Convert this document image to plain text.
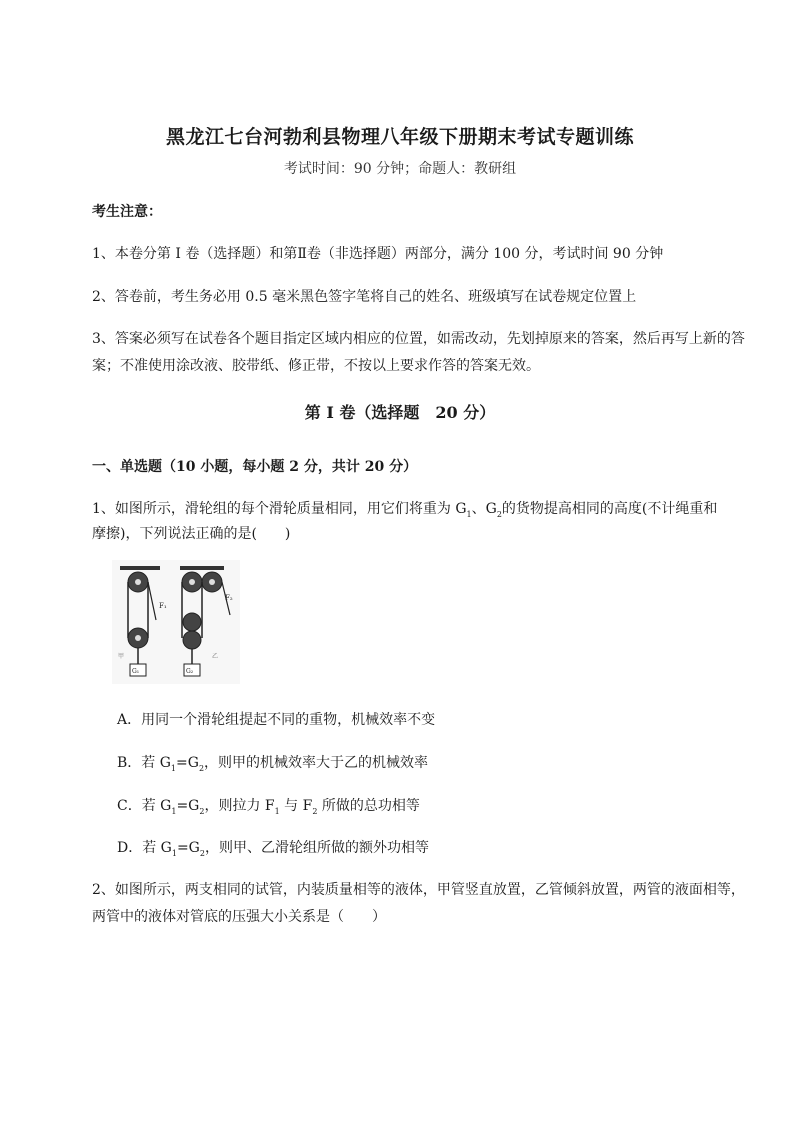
黑龙江七台河勃利县物理八年级下册期末考试专题训练
考试时间：90 分钟；命题人：教研组
考生注意：
1、本卷分第 I 卷（选择题）和第Ⅱ卷（非选择题）两部分，满分 100 分，考试时间 90 分钟
2、答卷前，考生务必用 0.5 毫米黑色签字笔将自己的姓名、班级填写在试卷规定位置上
3、答案必须写在试卷各个题目指定区域内相应的位置，如需改动，先划掉原来的答案，然后再写上新的答案；不准使用涂改液、胶带纸、修正带，不按以上要求作答的答案无效。
第 I 卷（选择题　20 分）
一、单选题（10 小题，每小题 2 分，共计 20 分）
1、如图所示，滑轮组的每个滑轮质量相同，用它们将重为 $G_1$、$G_2$的货物提高相同的高度(不计绳重和
摩擦)，下列说法正确的是(　　)
F₁
G₁
甲
F₂
G₂
乙
A．用同一个滑轮组提起不同的重物，机械效率不变
B．若 $G_1=G_2$，则甲的机械效率大于乙的机械效率
C．若 $G_1=G_2$，则拉力 $F_1$ 与 $F_2$ 所做的总功相等
D．若 $G_1=G_2$，则甲、乙滑轮组所做的额外功相等
2、如图所示，两支相同的试管，内装质量相等的液体，甲管竖直放置，乙管倾斜放置，两管的液面相等，两管中的液体对管底的压强大小关系是（　　）
